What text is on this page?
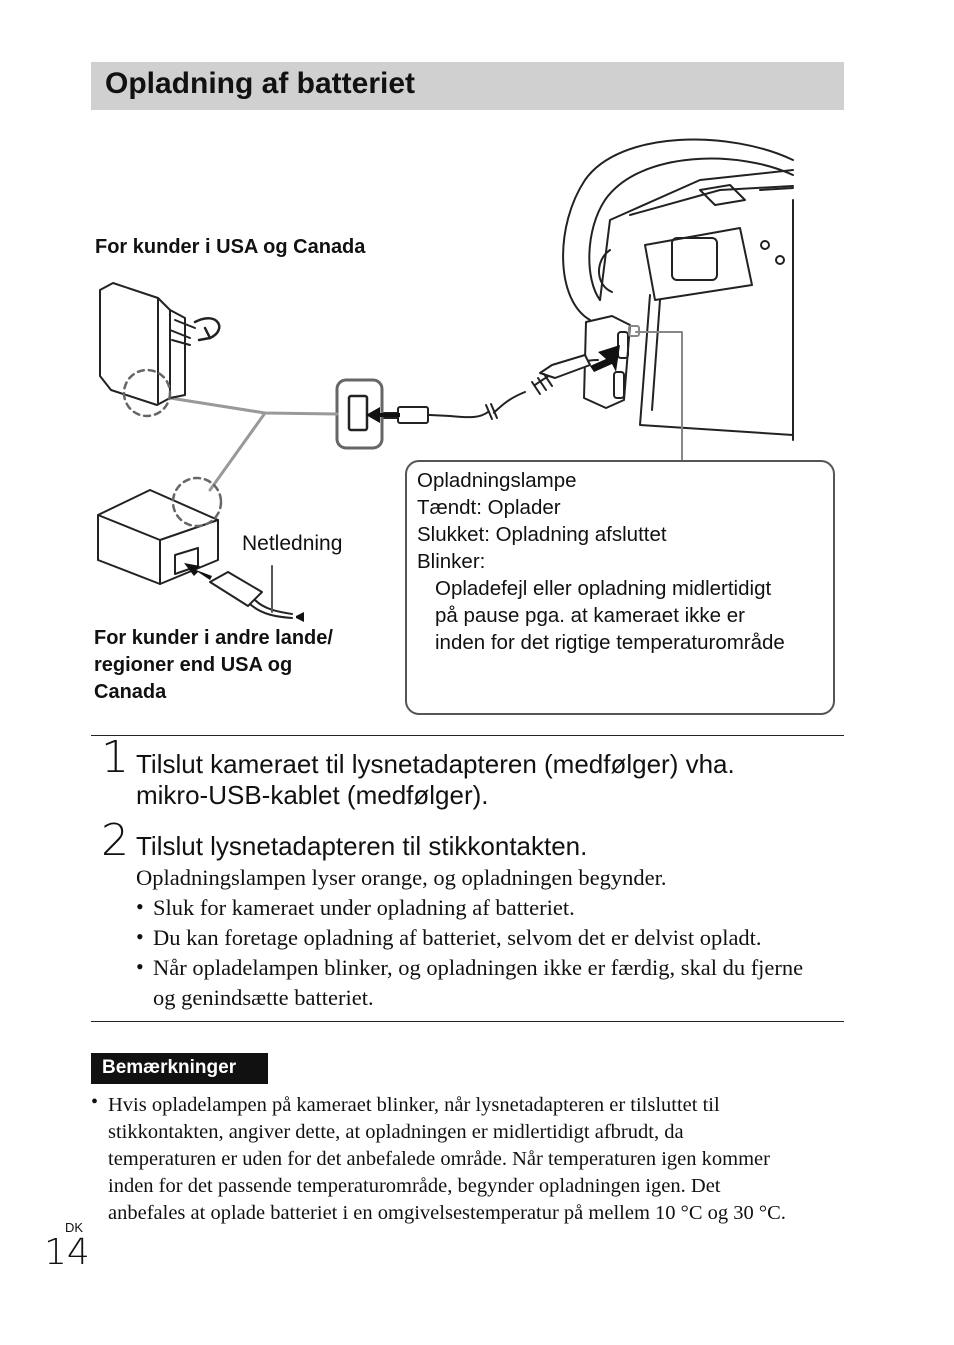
Opladning af batteriet
For kunder i USA og Canada
Netledning
For kunder i andre lande/
regioner end USA og
Canada
Opladningslampe
Tændt: Oplader
Slukket: Opladning afsluttet
Blinker:
Opladefejl eller opladning midlertidigt
på pause pga. at kameraet ikke er
inden for det rigtige temperaturområde
1 Tilslut kameraet til lysnetadapteren (medfølger) vha.
mikro-USB-kablet (medfølger).
2 Tilslut lysnetadapteren til stikkontakten.
Opladningslampen lyser orange, og opladningen begynder.
• Sluk for kameraet under opladning af batteriet.
• Du kan foretage opladning af batteriet, selvom det er delvist opladt.
• Når opladelampen blinker, og opladningen ikke er færdig, skal du fjerne
og genindsætte batteriet.
Bemærkninger
• Hvis opladelampen på kameraet blinker, når lysnetadapteren er tilsluttet til
stikkontakten, angiver dette, at opladningen er midlertidigt afbrudt, da
temperaturen er uden for det anbefalede område. Når temperaturen igen kommer
inden for det passende temperaturområde, begynder opladningen igen. Det
anbefales at oplade batteriet i en omgivelsestemperatur på mellem 10 °C og 30 °C.
DK
14
